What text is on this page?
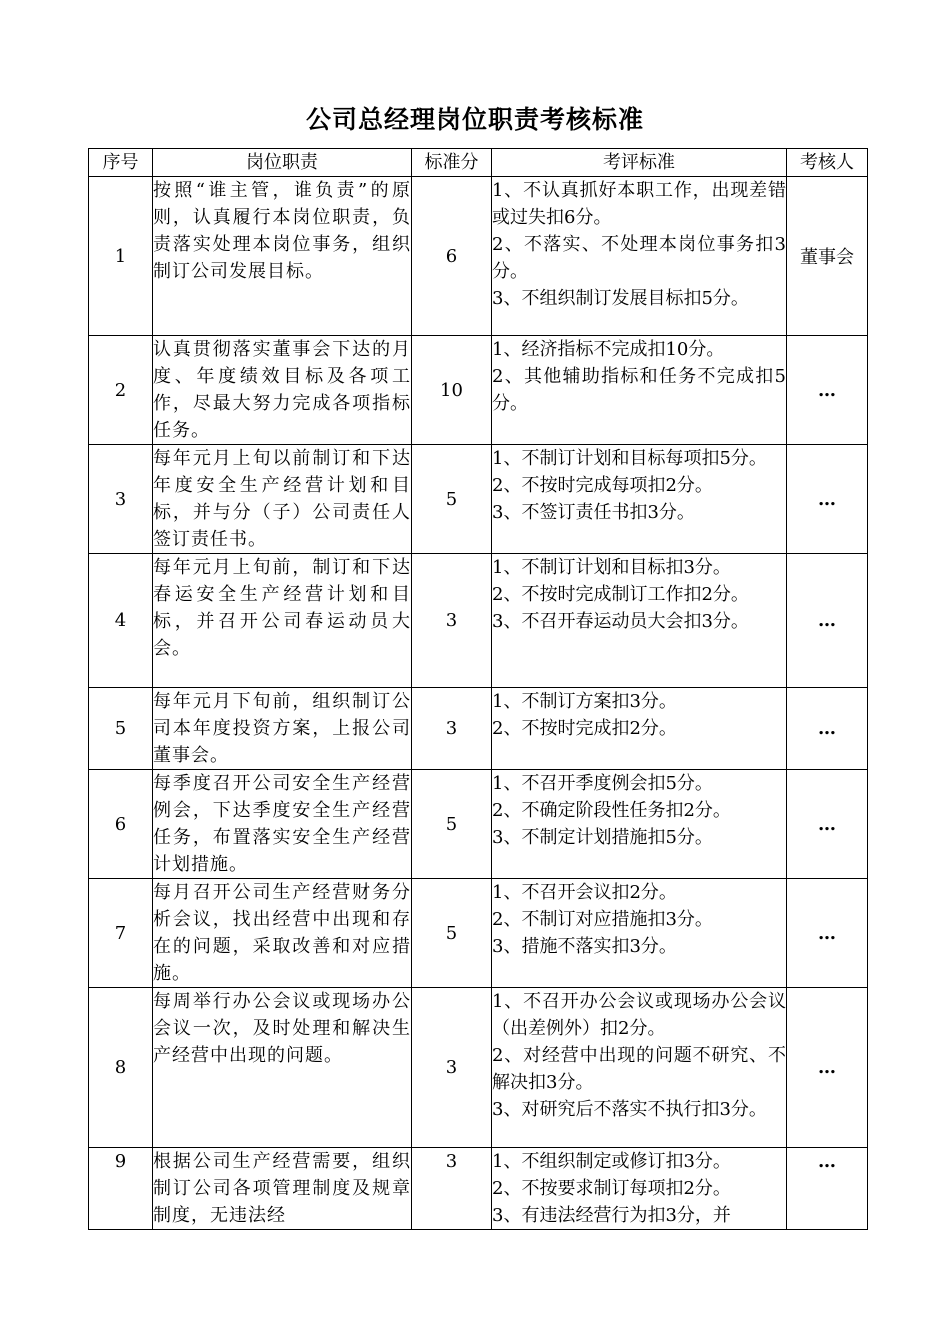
公司总经理岗位职责考核标准
序号	岗位职责	标准分	考评标准	考核人
1	按照“谁主管，谁负责”的原则，认真履行本岗位职责，负责落实处理本岗位事务，组织制订公司发展目标。	6	1、不认真抓好本职工作，出现差错或过失扣6分。
2、不落实、不处理本岗位事务扣3分。
3、不组织制订发展目标扣5分。	董事会
2	认真贯彻落实董事会下达的月度、年度绩效目标及各项工作，尽最大努力完成各项指标任务。	10	1、经济指标不完成扣10分。
2、其他辅助指标和任务不完成扣5分。	…
3	每年元月上旬以前制订和下达年度安全生产经营计划和目标，并与分（子）公司责任人签订责任书。	5	1、不制订计划和目标每项扣5分。
2、不按时完成每项扣2分。
3、不签订责任书扣3分。	…
4	每年元月上旬前，制订和下达春运安全生产经营计划和目标，并召开公司春运动员大会。	3	1、不制订计划和目标扣3分。
2、不按时完成制订工作扣2分。
3、不召开春运动员大会扣3分。	…
5	每年元月下旬前，组织制订公司本年度投资方案，上报公司董事会。	3	1、不制订方案扣3分。
2、不按时完成扣2分。	…
6	每季度召开公司安全生产经营例会，下达季度安全生产经营任务，布置落实安全生产经营计划措施。	5	1、不召开季度例会扣5分。
2、不确定阶段性任务扣2分。
3、不制定计划措施扣5分。	…
7	每月召开公司生产经营财务分析会议，找出经营中出现和存在的问题，采取改善和对应措施。	5	1、不召开会议扣2分。
2、不制订对应措施扣3分。
3、措施不落实扣3分。	…
8	每周举行办公会议或现场办公会议一次，及时处理和解决生产经营中出现的问题。	3	1、不召开办公会议或现场办公会议（出差例外）扣2分。
2、对经营中出现的问题不研究、不解决扣3分。
3、对研究后不落实不执行扣3分。	…
9	根据公司生产经营需要，组织制订公司各项管理制度及规章制度，无违法经	3	1、不组织制定或修订扣3分。
2、不按要求制订每项扣2分。
3、有违法经营行为扣3分，并	…
